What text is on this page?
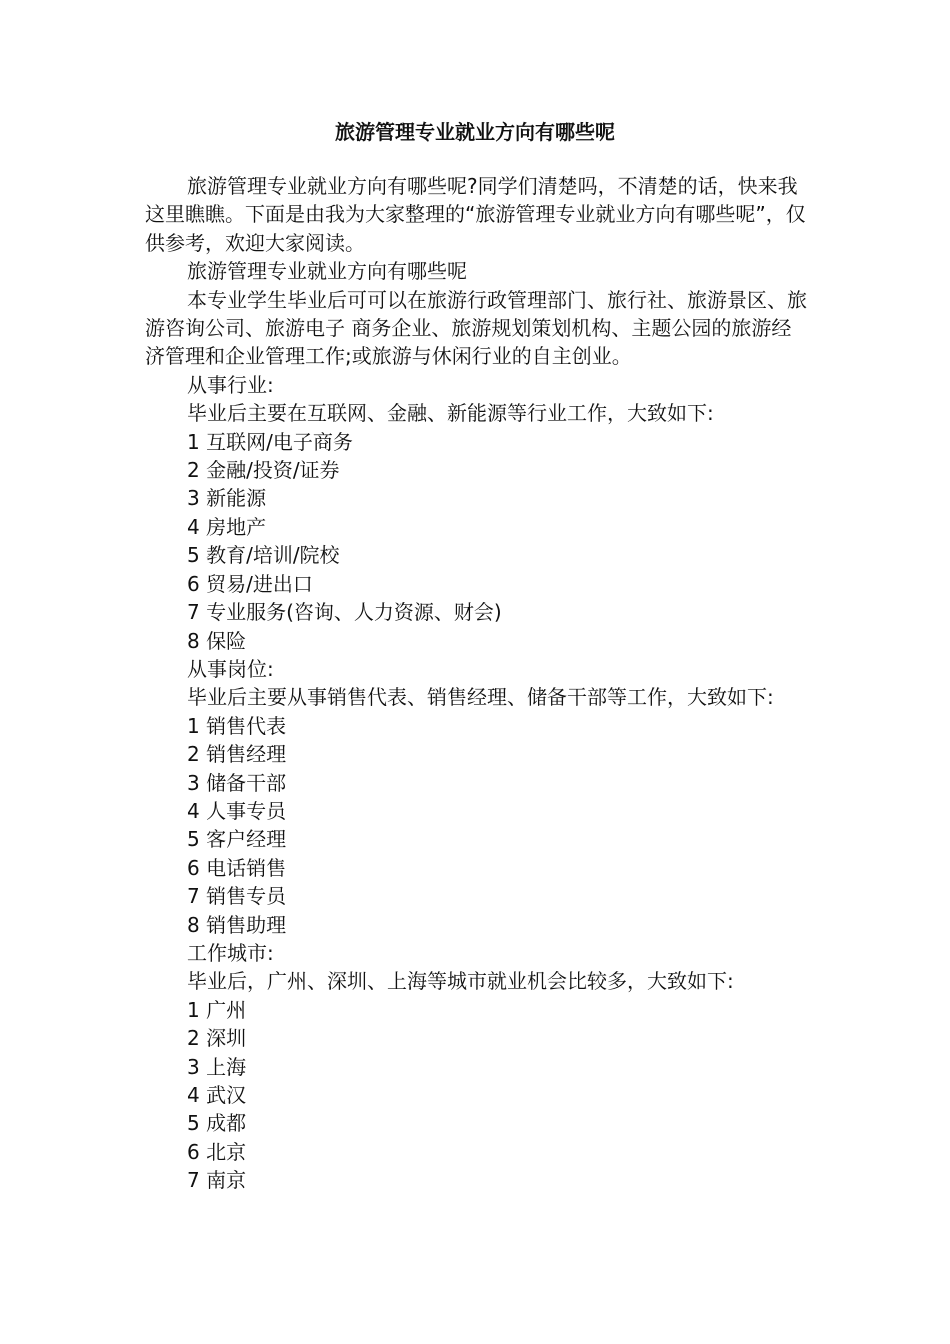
旅游管理专业就业方向有哪些呢

旅游管理专业就业方向有哪些呢?同学们清楚吗，不清楚的话，快来我这里瞧瞧。下面是由我为大家整理的“旅游管理专业就业方向有哪些呢”，仅供参考，欢迎大家阅读。

旅游管理专业就业方向有哪些呢

本专业学生毕业后可可以在旅游行政管理部门、旅行社、旅游景区、旅游咨询公司、旅游电子 商务企业、旅游规划策划机构、主题公园的旅游经济管理和企业管理工作;或旅游与休闲行业的自主创业。

从事行业:

毕业后主要在互联网、金融、新能源等行业工作，大致如下:

1 互联网/电子商务

2 金融/投资/证券

3 新能源

4 房地产

5 教育/培训/院校

6 贸易/进出口

7 专业服务(咨询、人力资源、财会)

8 保险

从事岗位:

毕业后主要从事销售代表、销售经理、储备干部等工作，大致如下:

1 销售代表

2 销售经理

3 储备干部

4 人事专员

5 客户经理

6 电话销售

7 销售专员

8 销售助理

工作城市:

毕业后，广州、深圳、上海等城市就业机会比较多，大致如下:

1 广州

2 深圳

3 上海

4 武汉

5 成都

6 北京

7 南京
